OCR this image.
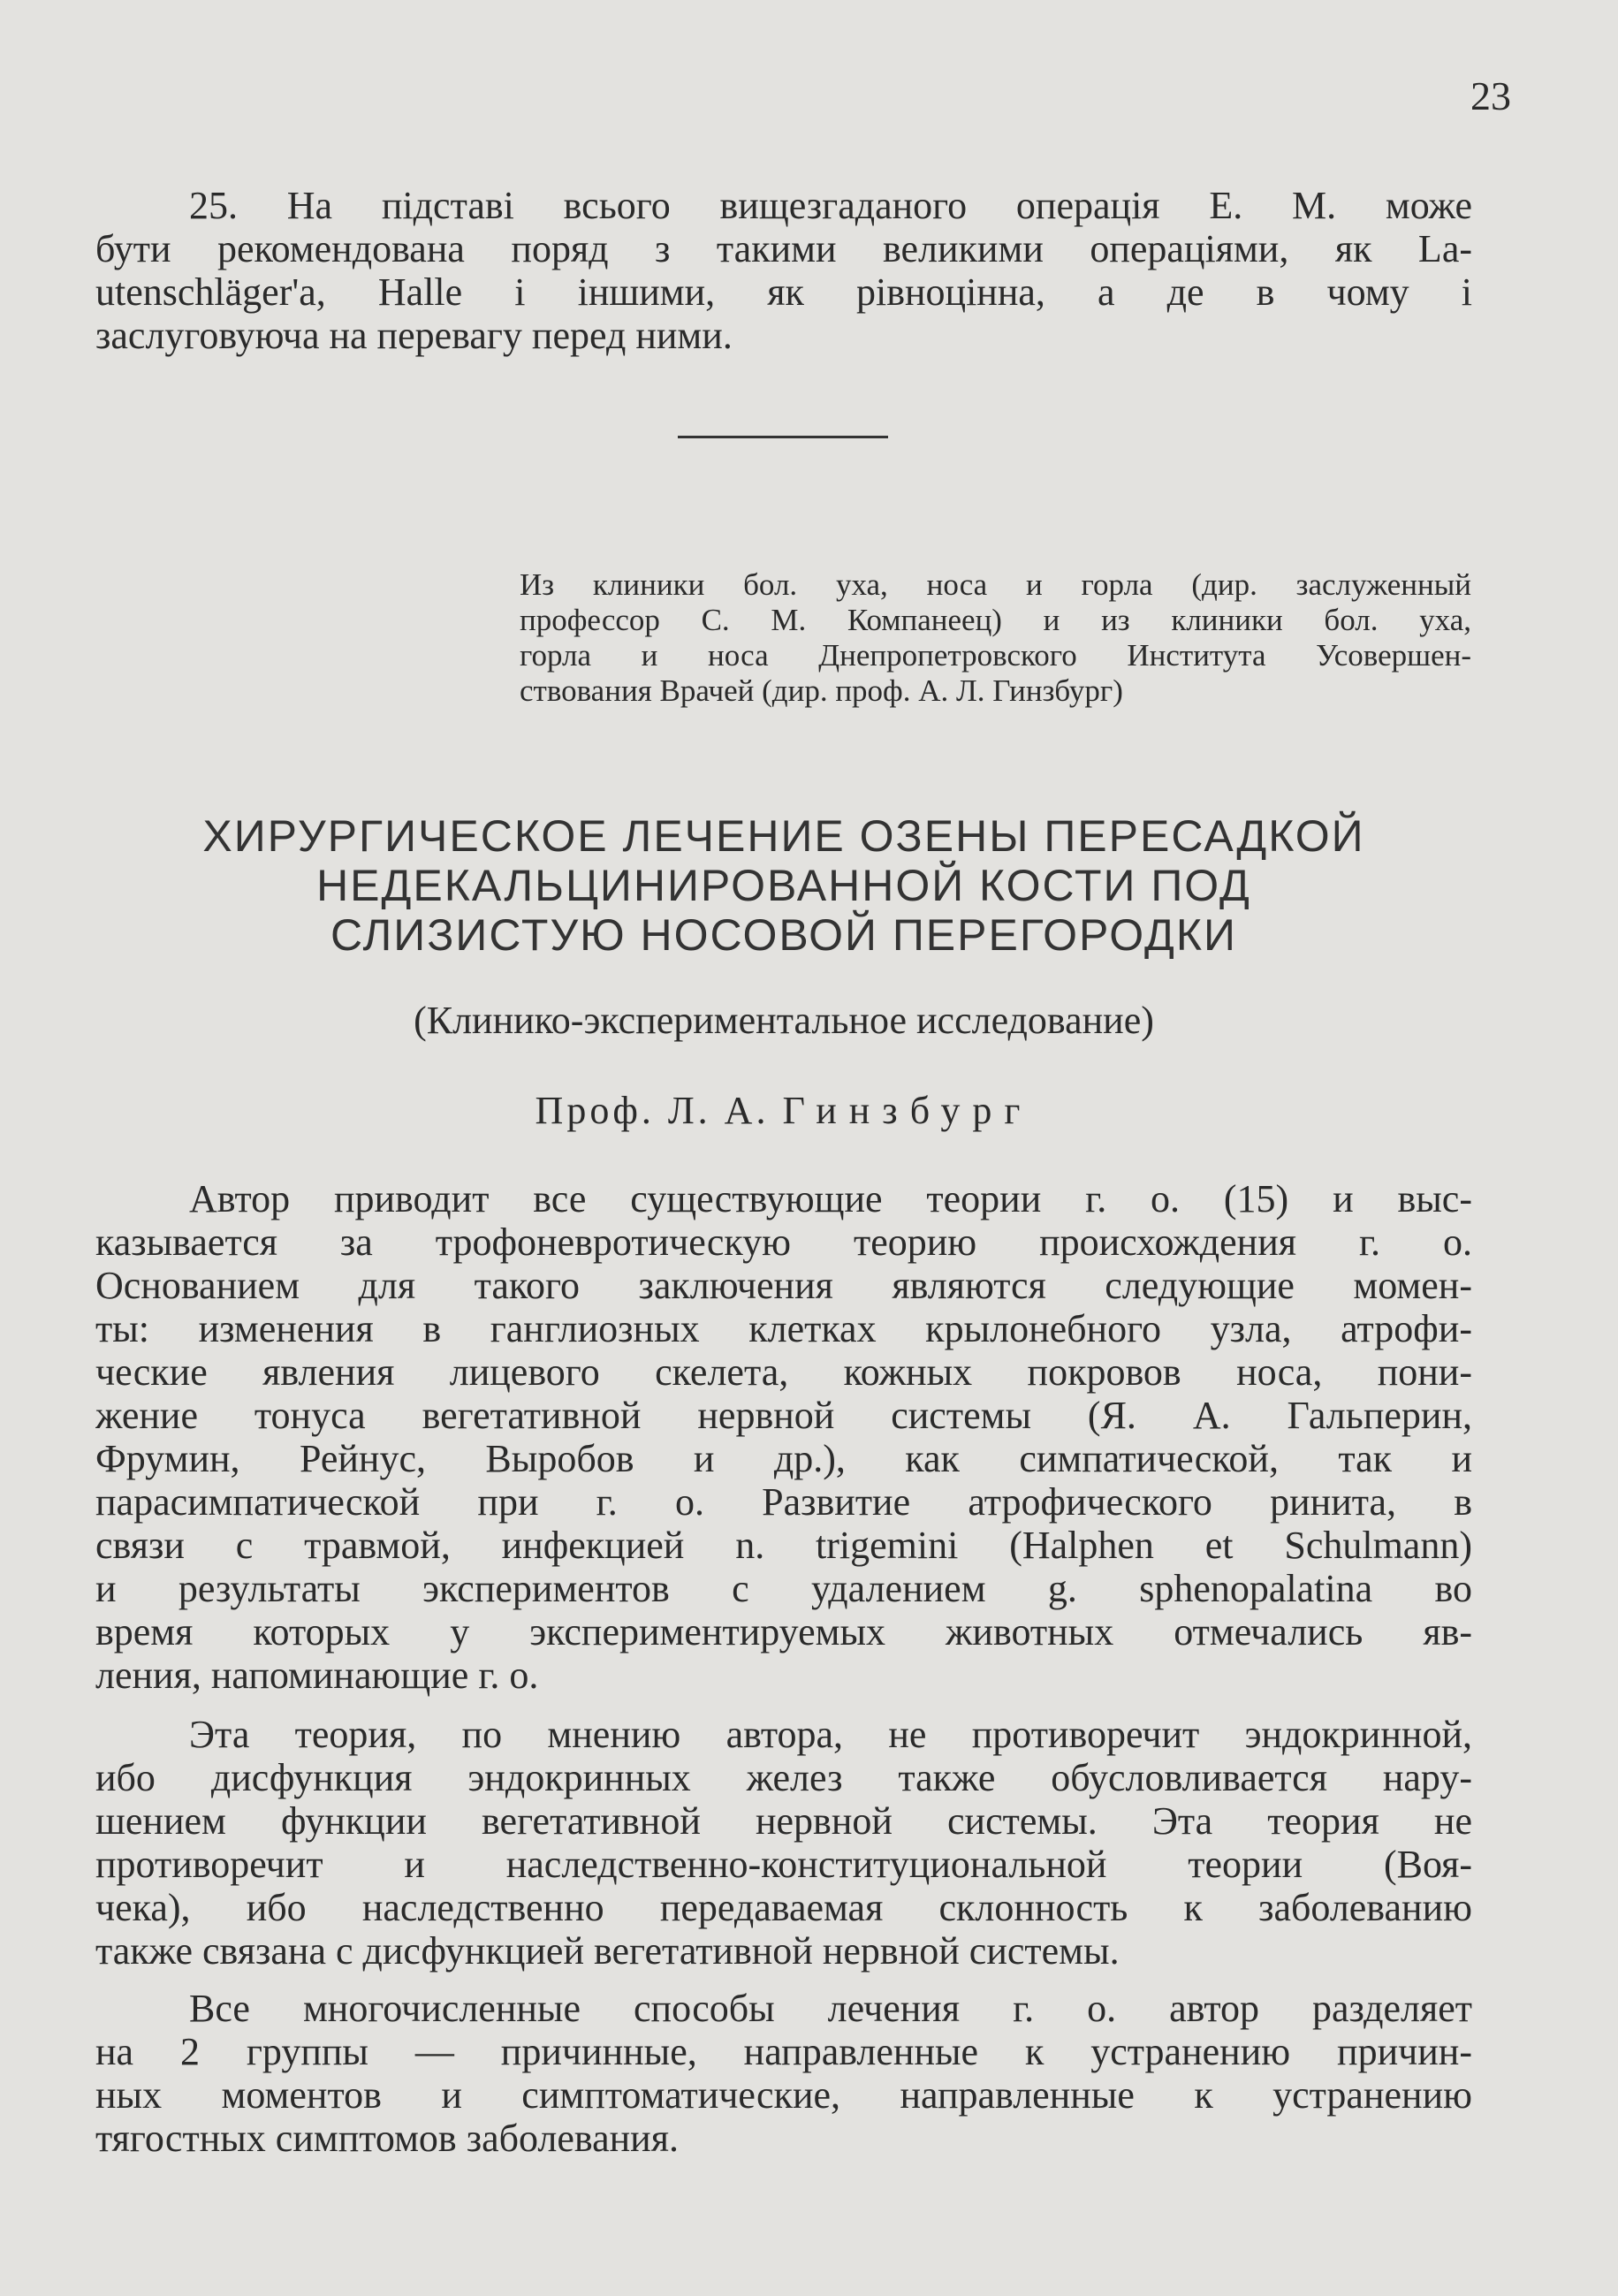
23
25. На підставі всього вищезгаданого операція Е. М. може
бути рекомендована поряд з такими великими операціями, як La-
utenschläger'a, Halle і іншими, як рівноцінна, а де в чому і
заслуговуюча на перевагу перед ними.
Из клиники бол. уха, носа и горла (дир. заслуженный
профессор С. М. Компанеец) и из клиники бол. уха,
горла и носа Днепропетровского Института Усовершен-
ствования Врачей (дир. проф. А. Л. Гинзбург)
ХИРУРГИЧЕСКОЕ ЛЕЧЕНИЕ ОЗЕНЫ ПЕРЕСАДКОЙ
НЕДЕКАЛЬЦИНИРОВАННОЙ КОСТИ ПОД
СЛИЗИСТУЮ НОСОВОЙ ПЕРЕГОРОДКИ
(Клинико-экспериментальное исследование)
Проф. Л. А. Гинзбург
Автор приводит все существующие теории г. о. (15) и выс-
казывается за трофоневротическую теорию происхождения г. о.
Основанием для такого заключения являются следующие момен-
ты: изменения в ганглиозных клетках крылонебного узла, атрофи-
ческие явления лицевого скелета, кожных покровов носа, пони-
жение тонуса вегетативной нервной системы (Я. А. Гальперин,
Фрумин, Рейнус, Выробов и др.), как симпатической, так и
парасимпатической при г. о. Развитие атрофического ринита, в
связи с травмой, инфекцией n. trigemini (Halphen et Schulmann)
и результаты экспериментов с удалением g. sphenopalatina во
время которых у экспериментируемых животных отмечались яв-
ления, напоминающие г. о.
Эта теория, по мнению автора, не противоречит эндокринной,
ибо дисфункция эндокринных желез также обусловливается нару-
шением функции вегетативной нервной системы. Эта теория не
противоречит и наследственно-конституциональной теории (Воя-
чека), ибо наследственно передаваемая склонность к заболеванию
также связана с дисфункцией вегетативной нервной системы.
Все многочисленные способы лечения г. о. автор разделяет
на 2 группы — причинные, направленные к устранению причин-
ных моментов и симптоматические, направленные к устранению
тягостных симптомов заболевания.
